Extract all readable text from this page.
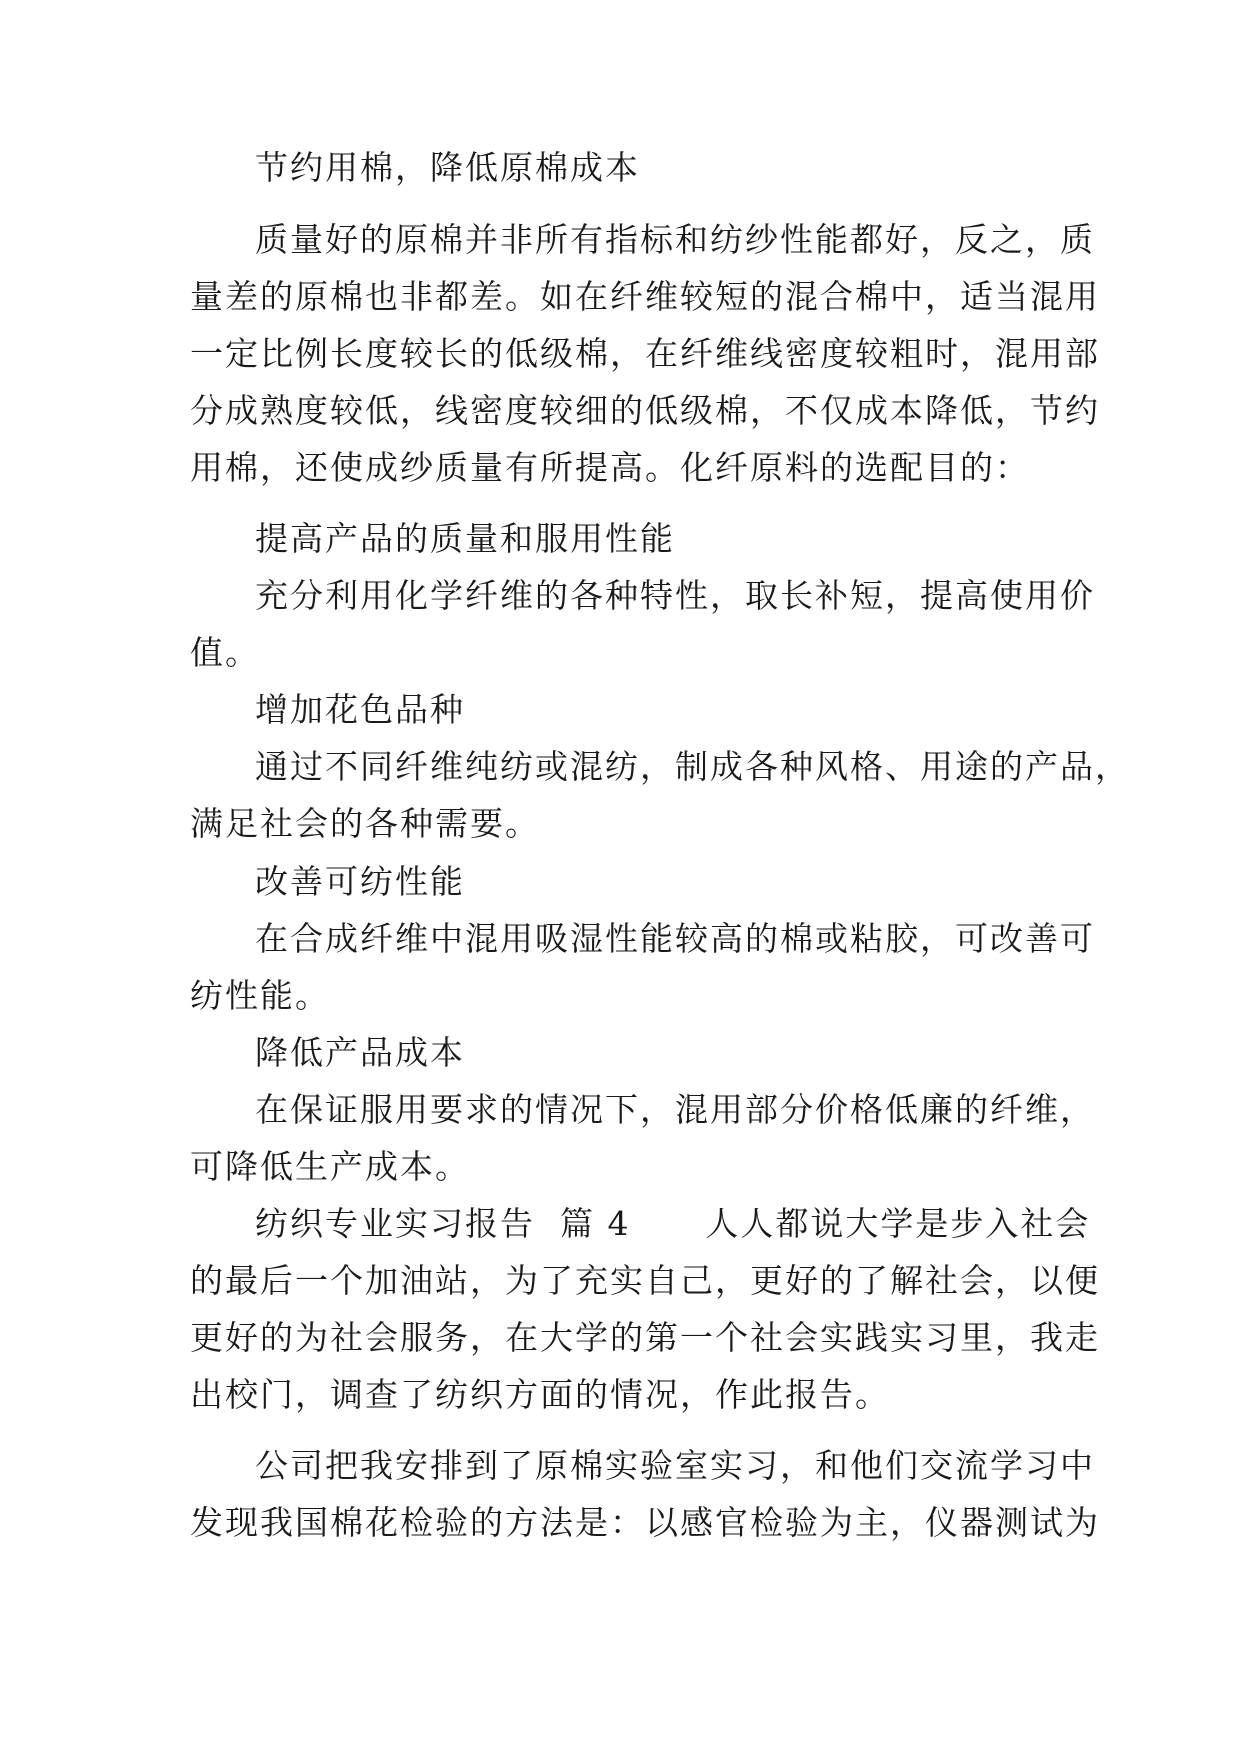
节约用棉，降低原棉成本
质量好的原棉并非所有指标和纺纱性能都好，反之，质
量差的原棉也非都差。如在纤维较短的混合棉中，适当混用
一定比例长度较长的低级棉，在纤维线密度较粗时，混用部
分成熟度较低，线密度较细的低级棉，不仅成本降低，节约
用棉，还使成纱质量有所提高。化纤原料的选配目的：
提高产品的质量和服用性能
充分利用化学纤维的各种特性，取长补短，提高使用价
值。
增加花色品种
通过不同纤维纯纺或混纺，制成各种风格、用途的产品，
满足社会的各种需要。
改善可纺性能
在合成纤维中混用吸湿性能较高的棉或粘胶，可改善可
纺性能。
降低产品成本
在保证服用要求的情况下，混用部分价格低廉的纤维，
可降低生产成本。
纺织专业实习报告  篇 4      人人都说大学是步入社会
的最后一个加油站，为了充实自己，更好的了解社会，以便
更好的为社会服务，在大学的第一个社会实践实习里，我走
出校门，调查了纺织方面的情况，作此报告。
公司把我安排到了原棉实验室实习，和他们交流学习中
发现我国棉花检验的方法是：以感官检验为主，仪器测试为
